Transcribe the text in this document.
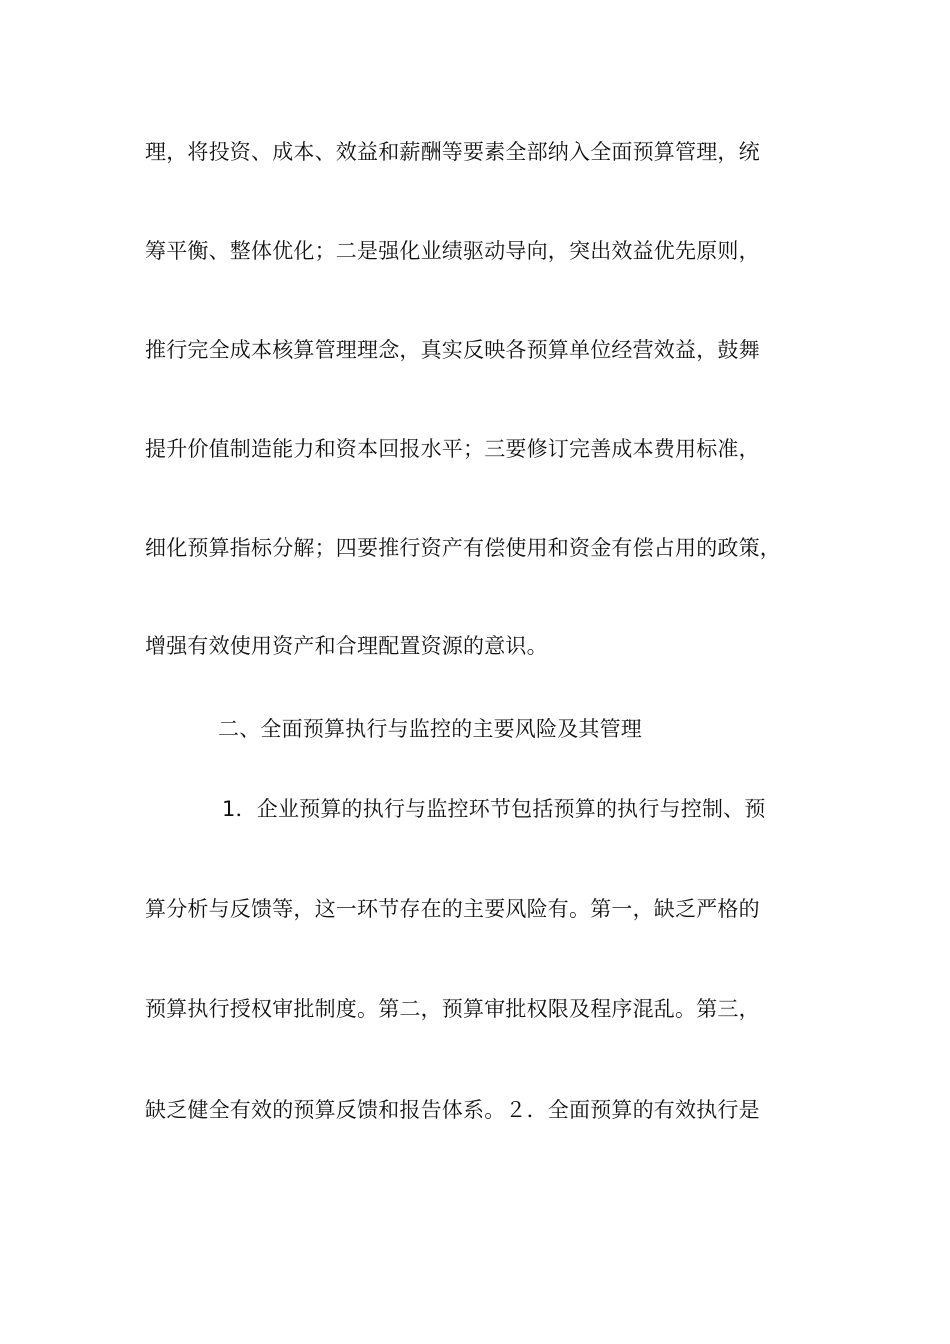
理，将投资、成本、效益和薪酬等要素全部纳入全面预算管理，统
筹平衡、整体优化；二是强化业绩驱动导向，突出效益优先原则，
推行完全成本核算管理理念，真实反映各预算单位经营效益，鼓舞
提升价值制造能力和资本回报水平；三要修订完善成本费用标准，
细化预算指标分解；四要推行资产有偿使用和资金有偿占用的政策，
增强有效使用资产和合理配置资源的意识。
二、全面预算执行与监控的主要风险及其管理
1．企业预算的执行与监控环节包括预算的执行与控制、预
算分析与反馈等，这一环节存在的主要风险有。第一，缺乏严格的
预算执行授权审批制度。第二，预算审批权限及程序混乱。第三，
缺乏健全有效的预算反馈和报告体系。２．全面预算的有效执行是
